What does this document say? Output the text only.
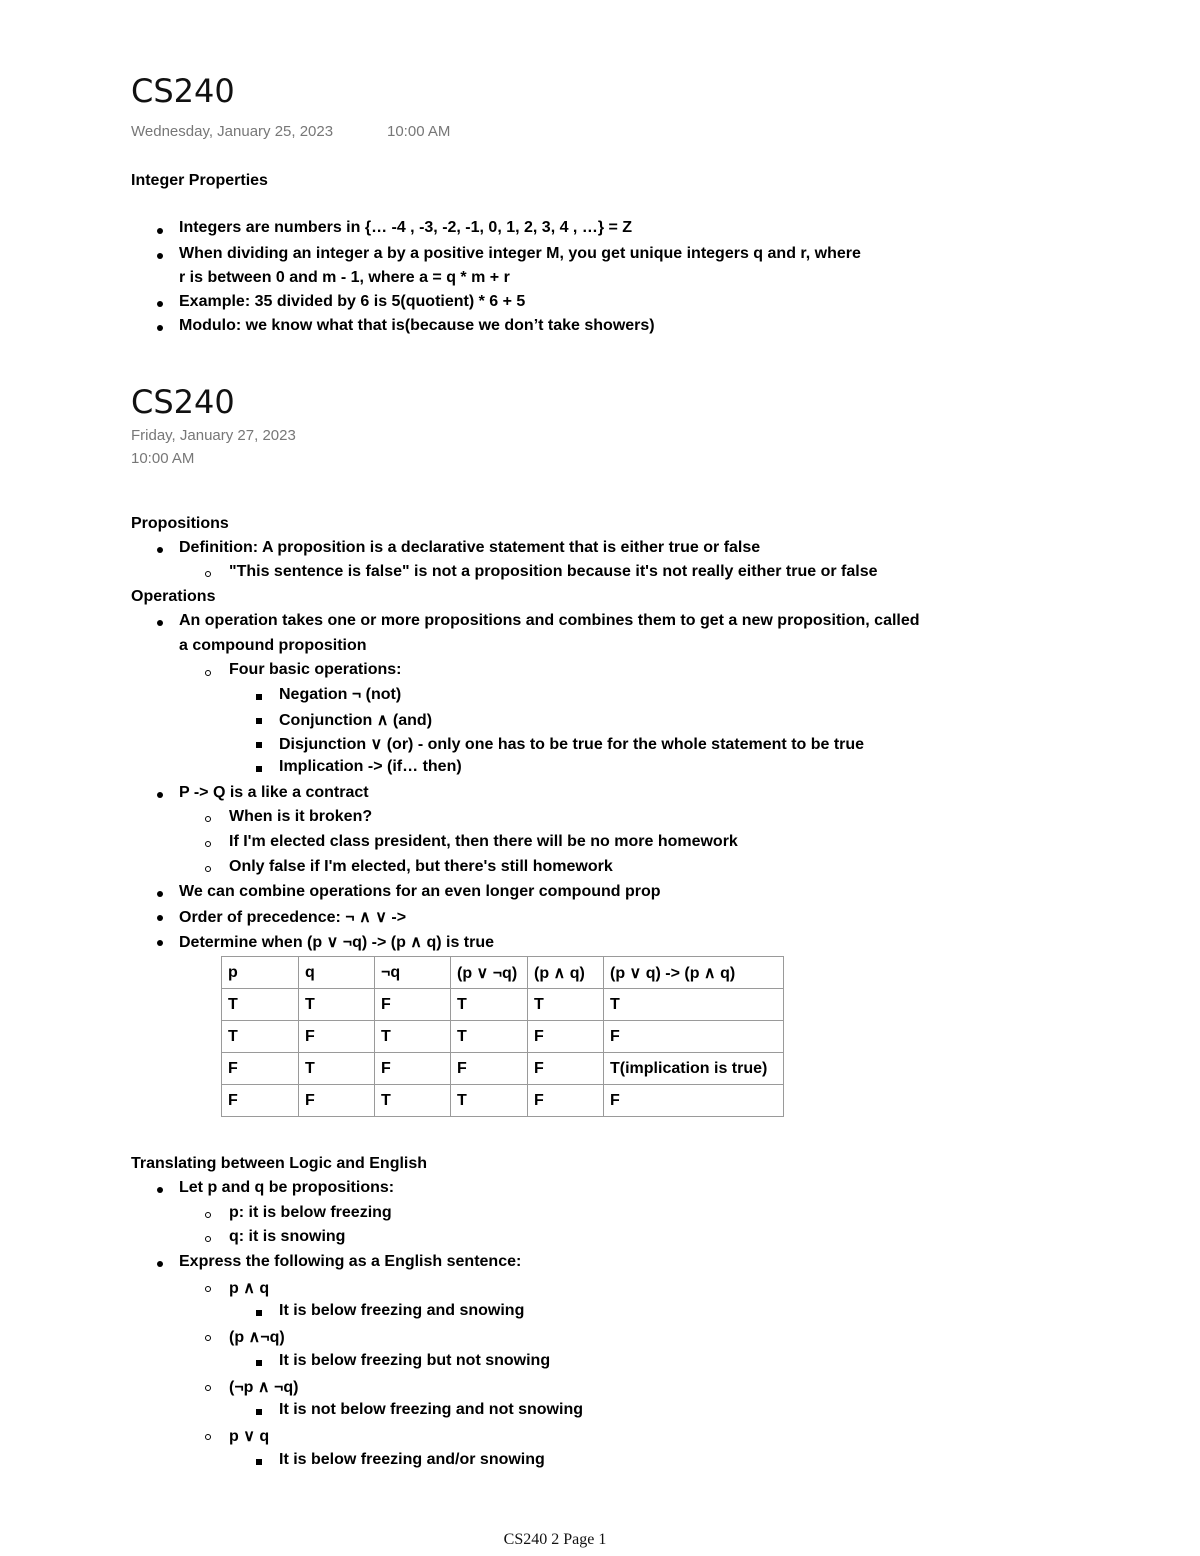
CS240
Wednesday, January 25, 2023	10:00 AM
Integer Properties
Integers are numbers in {… -4 , -3, -2, -1, 0, 1, 2, 3, 4 , …} = Z
When dividing an integer a by a positive integer M, you get unique integers q and r, where
r is between 0 and m - 1, where a = q * m + r
Example: 35 divided by 6 is 5(quotient) * 6 + 5
Modulo: we know what that is(because we don’t take showers)
CS240
Friday, January 27, 2023
10:00 AM
Propositions
Definition: A proposition is a declarative statement that is either true or false
"This sentence is false" is not a proposition because it's not really either true or false
Operations
An operation takes one or more propositions and combines them to get a new proposition, called
a compound proposition
Four basic operations:
Negation ¬ (not)
Conjunction ∧ (and)
Disjunction ∨ (or) - only one has to be true for the whole statement to be true
Implication -> (if… then)
P -> Q is a like a contract
When is it broken?
If I'm elected class president, then there will be no more homework
Only false if I'm elected, but there's still homework
We can combine operations for an even longer compound prop
Order of precedence: ¬ ∧ ∨ ->
Determine when (p ∨ ¬q) -> (p ∧ q) is true
p	q	¬q	(p ∨ ¬q)	(p ∧ q)	(p ∨ q) -> (p ∧ q)
T	T	F	T	T	T
T	F	T	T	F	F
F	T	F	F	F	T(implication is true)
F	F	T	T	F	F
Translating between Logic and English
Let p and q be propositions:
p: it is below freezing
q: it is snowing
Express the following as a English sentence:
p ∧ q
It is below freezing and snowing
(p ∧¬q)
It is below freezing but not snowing
(¬p ∧ ¬q)
It is not below freezing and not snowing
p ∨ q
It is below freezing and/or snowing
CS240 2 Page 1
